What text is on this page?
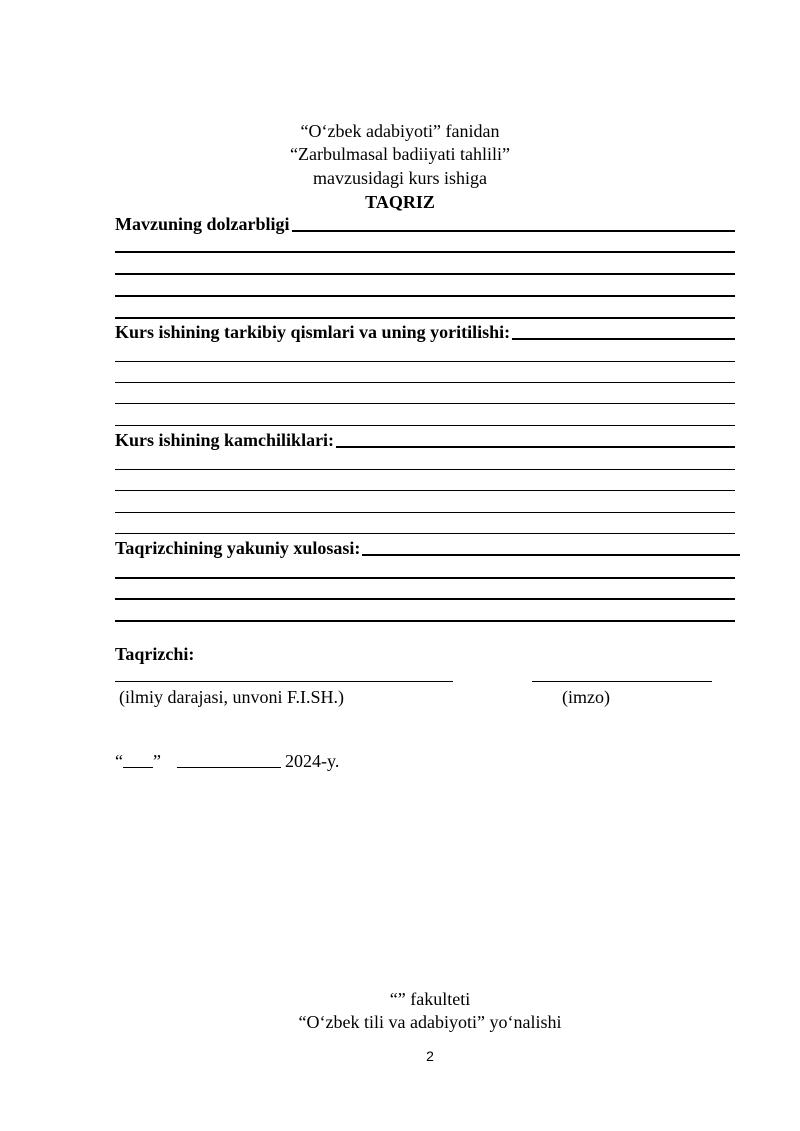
“O‘zbek adabiyoti” fanidan

“Zarbulmasal badiiyati tahlili”

mavzusidagi kurs ishiga

TAQRIZ

Mavzuning dolzarbligi
Kurs ishining tarkibiy qismlari va uning yoritilishi:
Kurs ishining kamchiliklari:
Taqrizchining yakuniy xulosasi:

Taqrizchi:

(ilmiy darajasi, unvoni F.I.SH.)	(imzo)

“ ”	2024-y.

“” fakulteti

“O‘zbek tili va adabiyoti” yo‘nalishi

2
